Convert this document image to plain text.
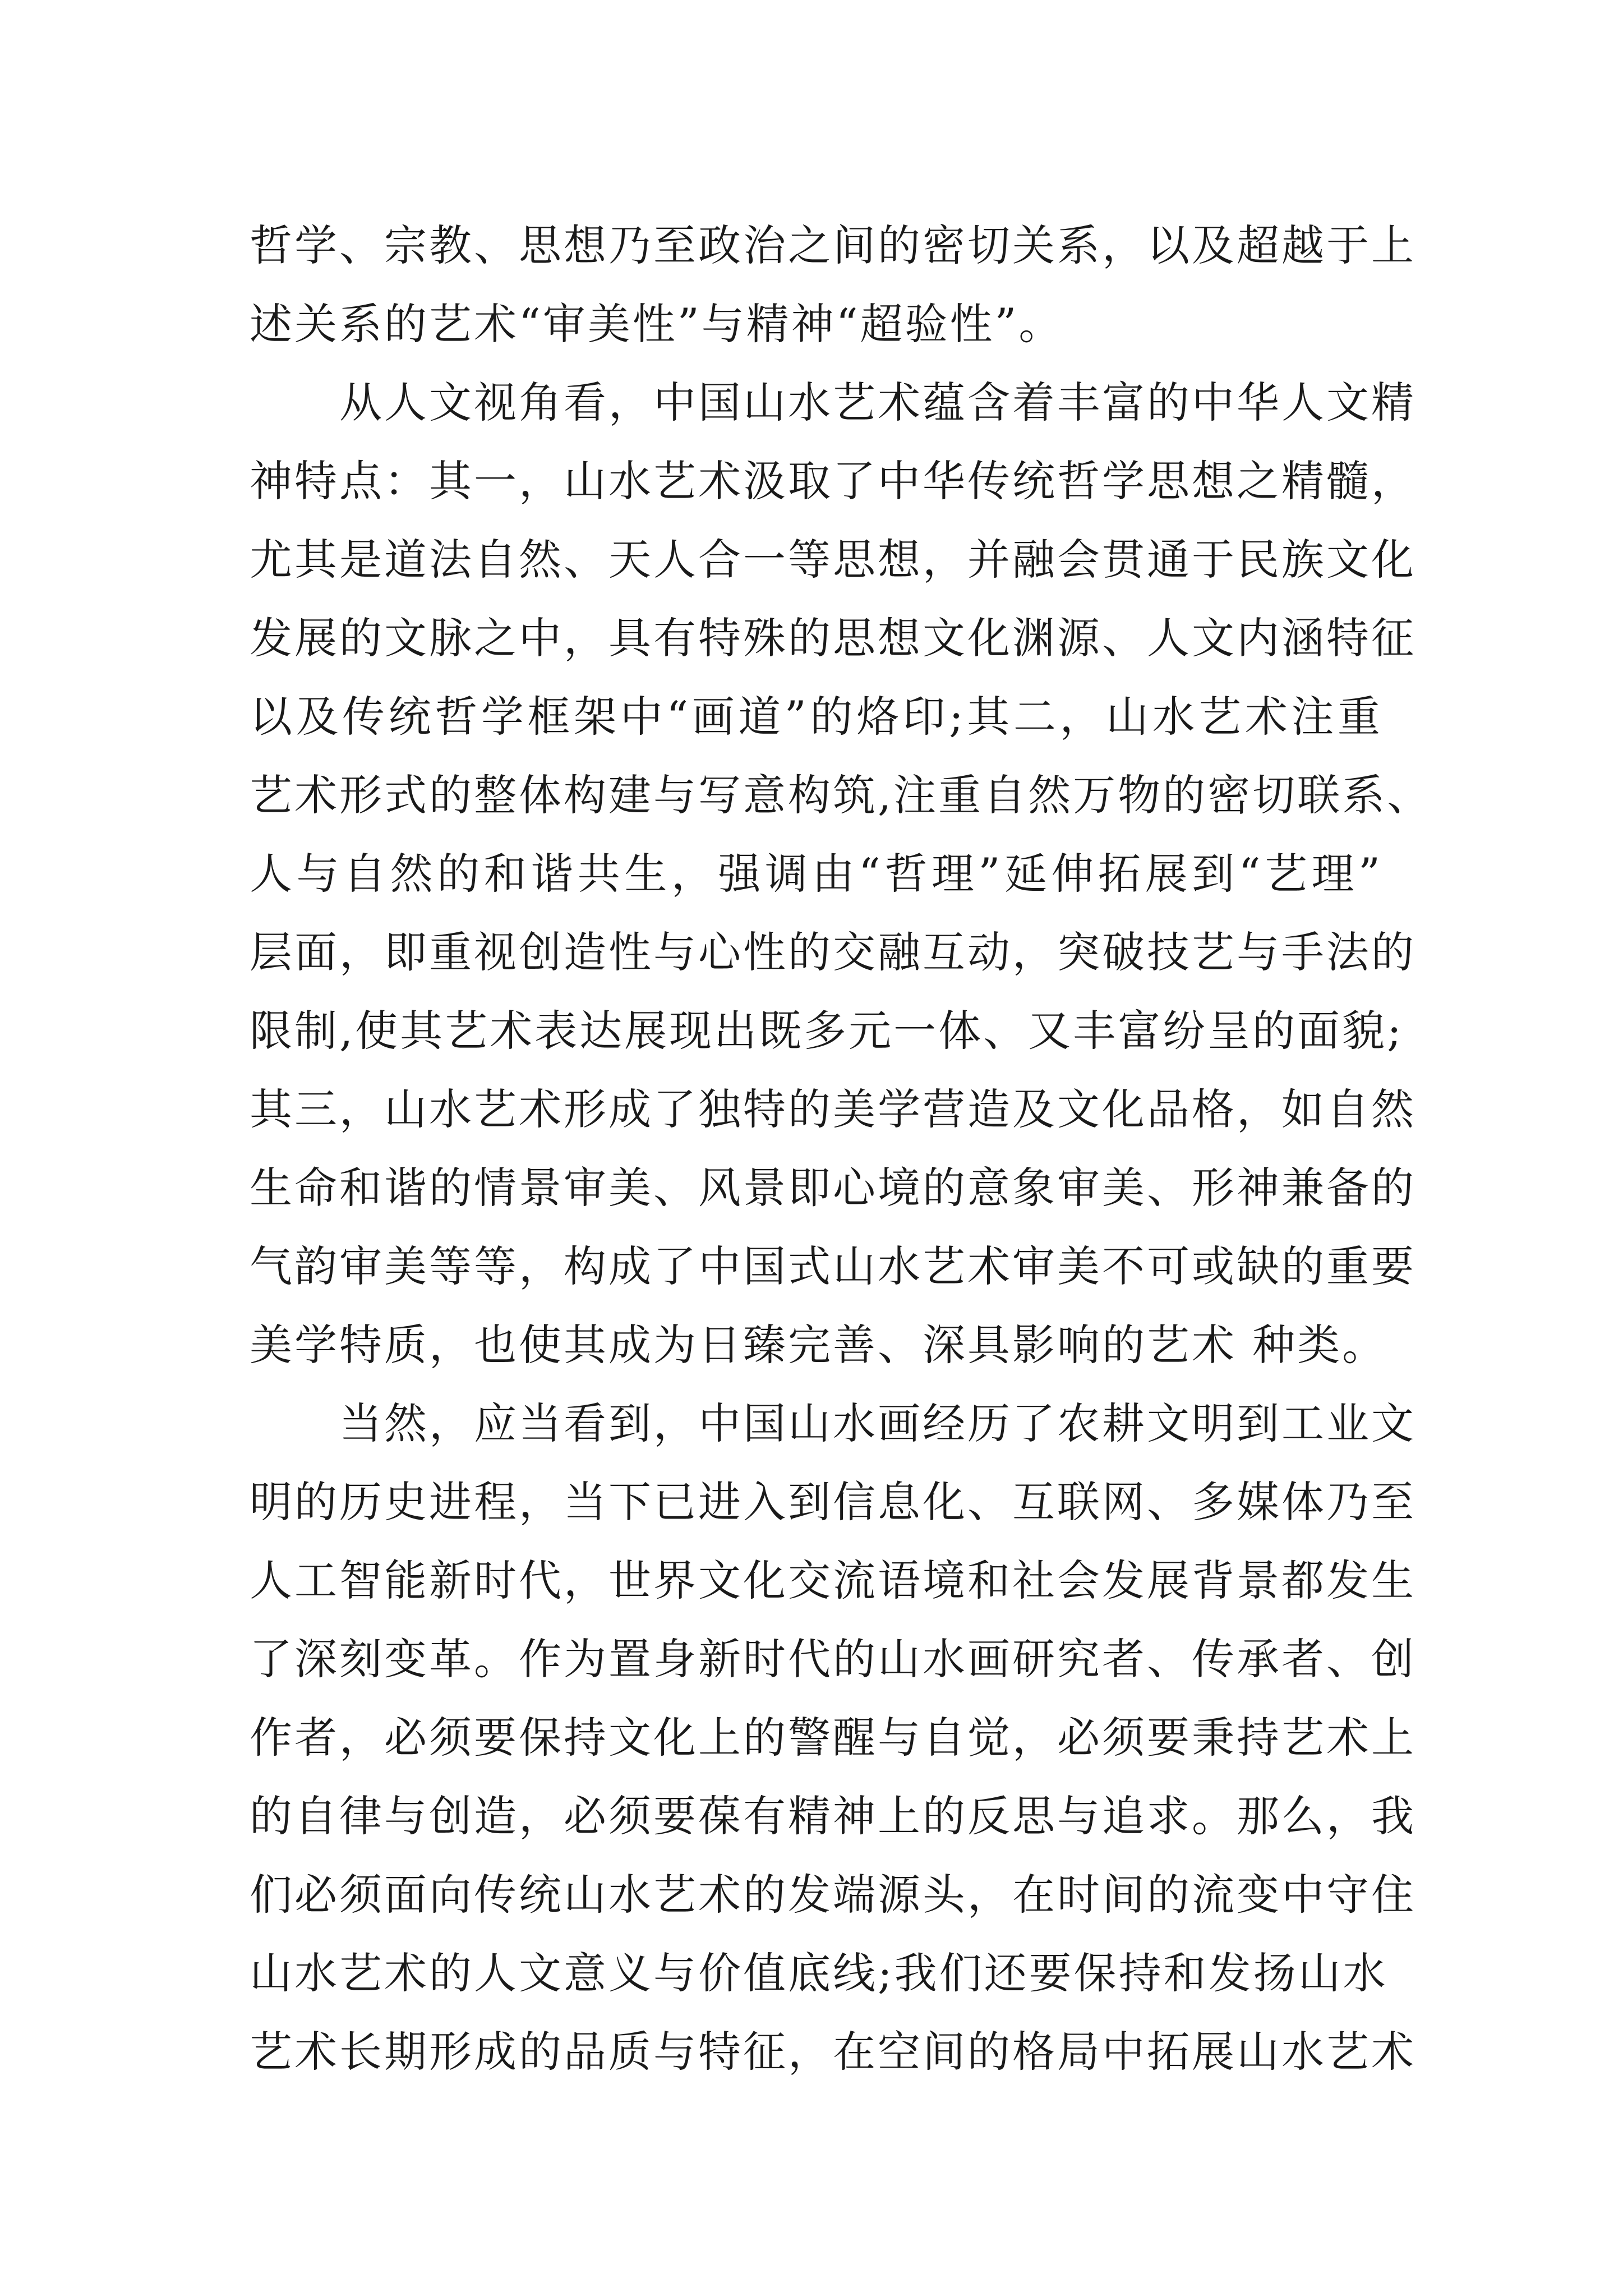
哲学、宗教、思想乃至政治之间的密切关系，以及超越于上
述关系的艺术“审美性”与精神“超验性”。
从人文视角看，中国山水艺术蕴含着丰富的中华人文精
神特点：其一，山水艺术汲取了中华传统哲学思想之精髓，
尤其是道法自然、天人合一等思想，并融会贯通于民族文化
发展的文脉之中，具有特殊的思想文化渊源、人文内涵特征
以及传统哲学框架中“画道”的烙印;其二，山水艺术注重
艺术形式的整体构建与写意构筑,注重自然万物的密切联系、
人与自然的和谐共生，强调由“哲理”延伸拓展到“艺理”
层面，即重视创造性与心性的交融互动，突破技艺与手法的
限制,使其艺术表达展现出既多元一体、又丰富纷呈的面貌;
其三，山水艺术形成了独特的美学营造及文化品格，如自然
生命和谐的情景审美、风景即心境的意象审美、形神兼备的
气韵审美等等，构成了中国式山水艺术审美不可或缺的重要
美学特质，也使其成为日臻完善、深具影响的艺术 种类。
当然，应当看到，中国山水画经历了农耕文明到工业文
明的历史进程，当下已进入到信息化、互联网、多媒体乃至
人工智能新时代，世界文化交流语境和社会发展背景都发生
了深刻变革。作为置身新时代的山水画研究者、传承者、创
作者，必须要保持文化上的警醒与自觉，必须要秉持艺术上
的自律与创造，必须要葆有精神上的反思与追求。那么，我
们必须面向传统山水艺术的发端源头，在时间的流变中守住
山水艺术的人文意义与价值底线;我们还要保持和发扬山水
艺术长期形成的品质与特征，在空间的格局中拓展山水艺术
